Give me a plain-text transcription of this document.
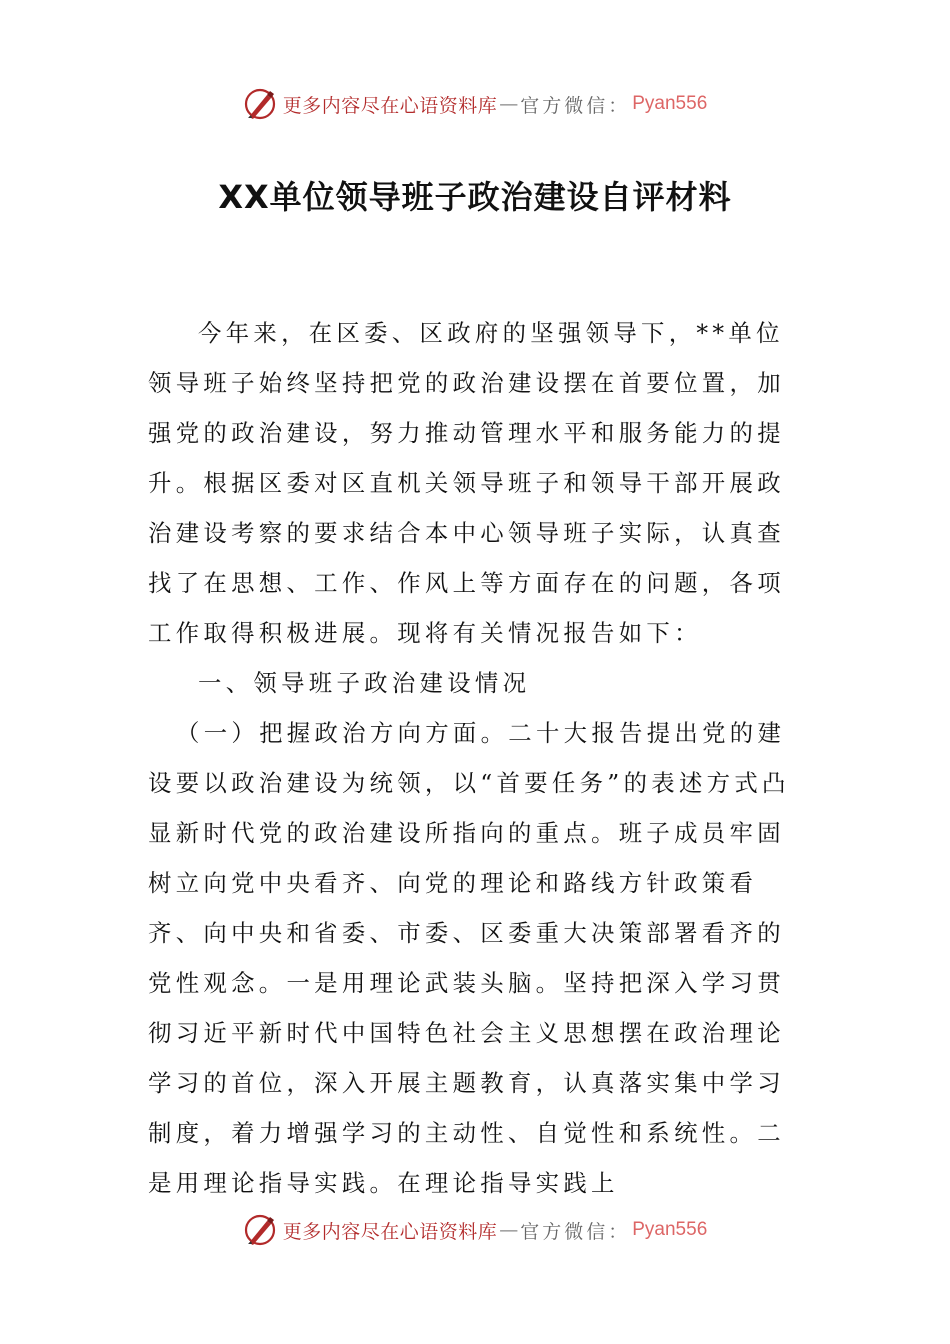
更多内容尽在心语资料库 — 官方微信： Pyan556
XX单位领导班子政治建设自评材料

今年来，在区委、区政府的坚强领导下，**单位领导班子始终坚持把党的政治建设摆在首要位置，加强党的政治建设，努力推动管理水平和服务能力的提升。根据区委对区直机关领导班子和领导干部开展政治建设考察的要求结合本中心领导班子实际，认真查找了在思想、工作、作风上等方面存在的问题，各项工作取得积极进展。现将有关情况报告如下：

一、领导班子政治建设情况

（一）把握政治方向方面。二十大报告提出党的建设要以政治建设为统领，以“首要任务”的表述方式凸显新时代党的政治建设所指向的重点。班子成员牢固树立向党中央看齐、向党的理论和路线方针政策看齐、向中央和省委、市委、区委重大决策部署看齐的党性观念。一是用理论武装头脑。坚持把深入学习贯彻习近平新时代中国特色社会主义思想摆在政治理论学习的首位，深入开展主题教育，认真落实集中学习制度，着力增强学习的主动性、自觉性和系统性。二是用理论指导实践。在理论指导实践上

更多内容尽在心语资料库 — 官方微信： Pyan556
